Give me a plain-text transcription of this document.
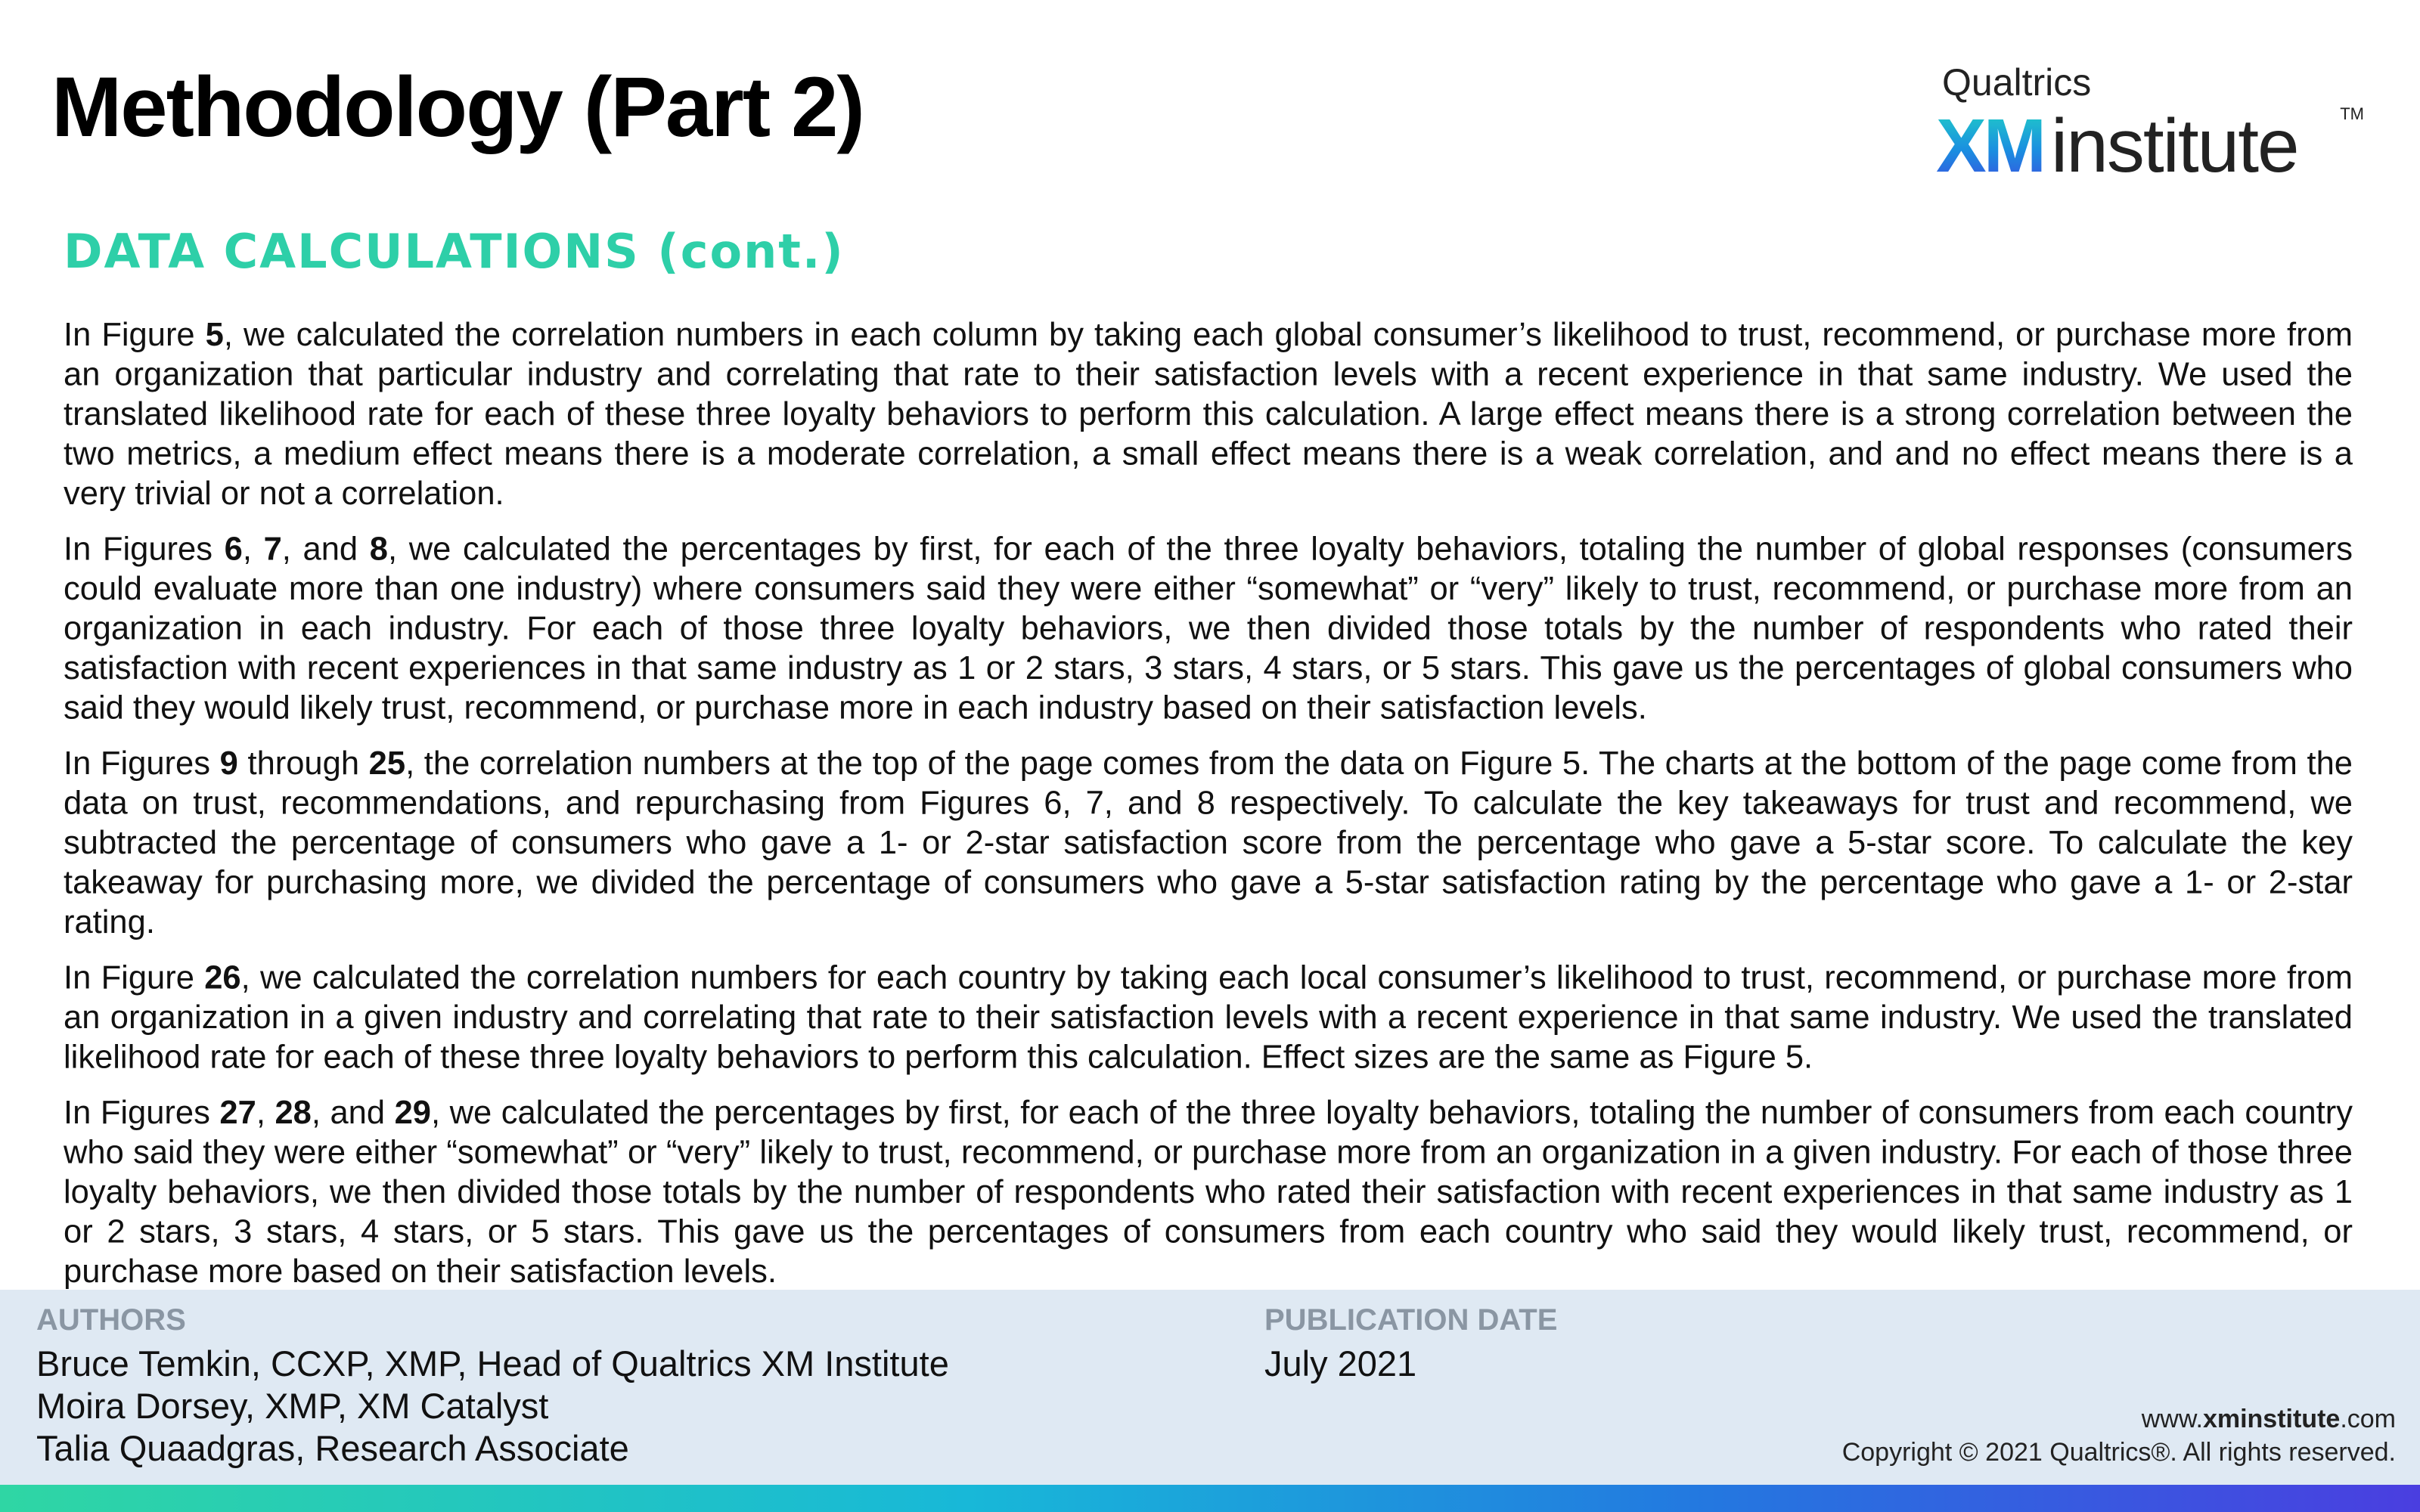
Methodology (Part 2)	Qualtrics
XM institute	TM
DATA CALCULATIONS (cont.)

In Figure 5, we calculated the correlation numbers in each column by taking each global consumer’s likelihood to trust, recommend, or purchase more from an organization that particular industry and correlating that rate to their satisfaction levels with a recent experience in that same industry. We used the translated likelihood rate for each of these three loyalty behaviors to perform this calculation. A large effect means there is a strong correlation between the two metrics, a medium effect means there is a moderate correlation, a small effect means there is a weak correlation, and and no effect means there is a very trivial or not a correlation.

In Figures 6, 7, and 8, we calculated the percentages by first, for each of the three loyalty behaviors, totaling the number of global responses (consumers could evaluate more than one industry) where consumers said they were either “somewhat” or “very” likely to trust, recommend, or purchase more from an organization in each industry. For each of those three loyalty behaviors, we then divided those totals by the number of respondents who rated their satisfaction with recent experiences in that same industry as 1 or 2 stars, 3 stars, 4 stars, or 5 stars. This gave us the percentages of global consumers who said they would likely trust, recommend, or purchase more in each industry based on their satisfaction levels.

In Figures 9 through 25, the correlation numbers at the top of the page comes from the data on Figure 5. The charts at the bottom of the page come from the data on trust, recommendations, and repurchasing from Figures 6, 7, and 8 respectively. To calculate the key takeaways for trust and recommend, we subtracted the percentage of consumers who gave a 1- or 2-star satisfaction score from the percentage who gave a 5-star score. To calculate the key takeaway for purchasing more, we divided the percentage of consumers who gave a 5-star satisfaction rating by the percentage who gave a 1- or 2-star rating.

In Figure 26, we calculated the correlation numbers for each country by taking each local consumer’s likelihood to trust, recommend, or purchase more from an organization in a given industry and correlating that rate to their satisfaction levels with a recent experience in that same industry. We used the translated likelihood rate for each of these three loyalty behaviors to perform this calculation. Effect sizes are the same as Figure 5.

In Figures 27, 28, and 29, we calculated the percentages by first, for each of the three loyalty behaviors, totaling the number of consumers from each country who said they were either “somewhat” or “very” likely to trust, recommend, or purchase more from an organization in a given industry. For each of those three loyalty behaviors, we then divided those totals by the number of respondents who rated their satisfaction with recent experiences in that same industry as 1 or 2 stars, 3 stars, 4 stars, or 5 stars. This gave us the percentages of consumers from each country who said they would likely trust, recommend, or purchase more based on their satisfaction levels.

AUTHORS
Bruce Temkin, CCXP, XMP, Head of Qualtrics XM Institute
Moira Dorsey, XMP, XM Catalyst
Talia Quaadgras, Research Associate
PUBLICATION DATE
July 2021
www.xminstitute.com
Copyright © 2021 Qualtrics®. All rights reserved.
